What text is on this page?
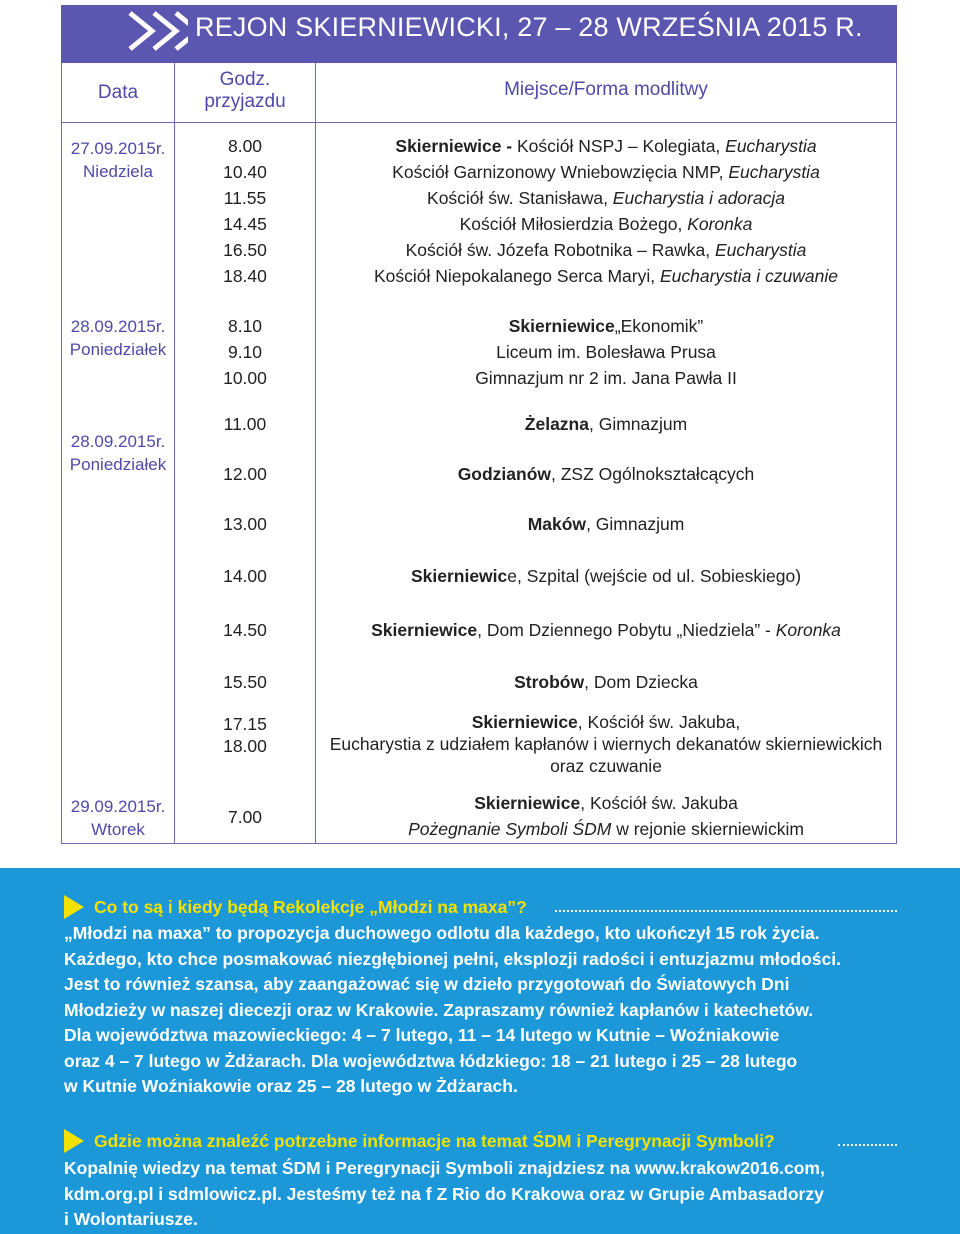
REJON SKIERNIEWICKI, 27 – 28 WRZEŚNIA 2015 R.
Data
Godz.
przyjazdu
Miejsce/Forma modlitwy
27.09.2015r.
Niedziela
28.09.2015r.
Poniedziałek
28.09.2015r.
Poniedziałek
29.09.2015r.
Wtorek
8.00
10.40
11.55
14.45
16.50
18.40
8.10
9.10
10.00
11.00
12.00
13.00
14.00
14.50
15.50
17.15
18.00
7.00
Skierniewice - Kościół NSPJ – Kolegiata, Eucharystia
Kościół Garnizonowy Wniebowzięcia NMP, Eucharystia
Kościół św. Stanisława, Eucharystia i adoracja
Kościół Miłosierdzia Bożego, Koronka
Kościół św. Józefa Robotnika – Rawka, Eucharystia
Kościół Niepokalanego Serca Maryi, Eucharystia i czuwanie
Skierniewice„Ekonomik”
Liceum im. Bolesława Prusa
Gimnazjum nr 2 im. Jana Pawła II
Żelazna, Gimnazjum
Godzianów, ZSZ Ogólnokształcących
Maków, Gimnazjum
Skierniewice, Szpital (wejście od ul. Sobieskiego)
Skierniewice, Dom Dziennego Pobytu „Niedziela” - Koronka
Strobów, Dom Dziecka
Skierniewice, Kościół św. Jakuba,
Eucharystia z udziałem kapłanów i wiernych dekanatów skierniewickich
oraz czuwanie
Skierniewice, Kościół św. Jakuba
Pożegnanie Symboli ŚDM w rejonie skierniewickim
Co to są i kiedy będą Rekolekcje „Młodzi na maxa”?
„Młodzi na maxa” to propozycja duchowego odlotu dla każdego, kto ukończył 15 rok życia.
Każdego, kto chce posmakować niezgłębionej pełni, eksplozji radości i entuzjazmu młodości.
Jest to również szansa, aby zaangażować się w dzieło przygotowań do Światowych Dni
Młodzieży w naszej diecezji oraz w Krakowie. Zapraszamy również kapłanów i katechetów.
Dla województwa mazowieckiego: 4 – 7 lutego, 11 – 14 lutego w Kutnie – Woźniakowie
oraz 4 – 7 lutego w Żdżarach. Dla województwa łódzkiego: 18 – 21 lutego i 25 – 28 lutego
w Kutnie Woźniakowie oraz 25 – 28 lutego w Żdżarach.
Gdzie można znaleźć potrzebne informacje na temat ŚDM i Peregrynacji Symboli?
Kopalnię wiedzy na temat ŚDM i Peregrynacji Symboli znajdziesz na www.krakow2016.com,
kdm.org.pl i sdmlowicz.pl. Jesteśmy też na f Z Rio do Krakowa oraz w Grupie Ambasadorzy
i Wolontariusze.
